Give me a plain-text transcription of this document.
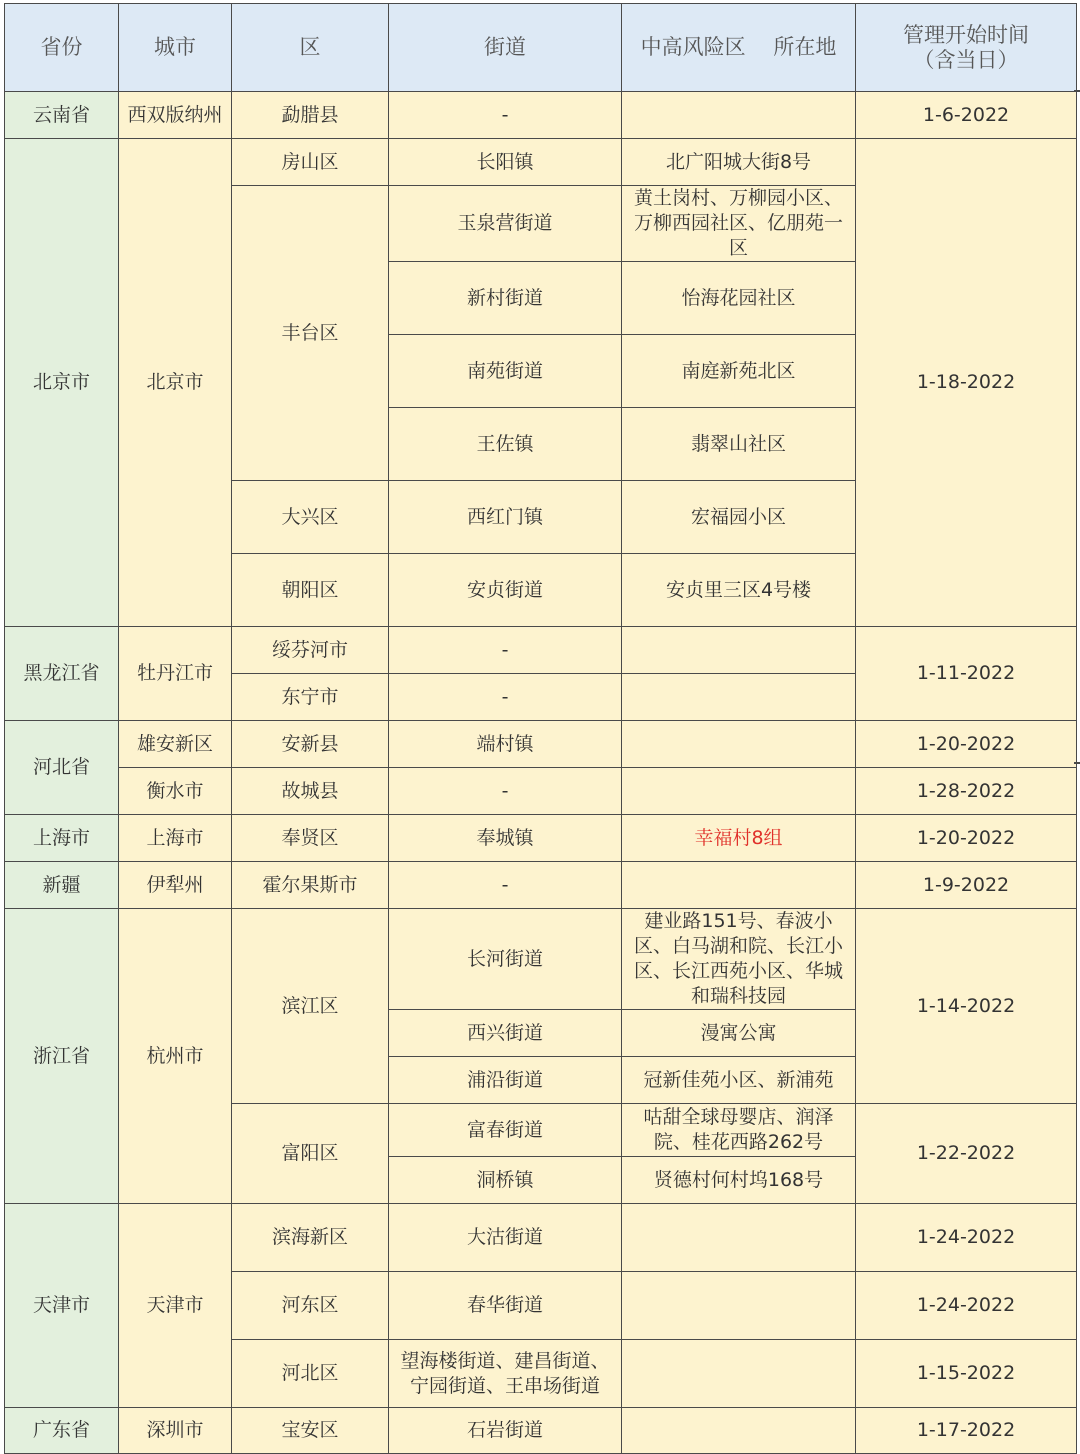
省份	城市	区	街道	中高风险区　 所在地	管理开始时间
（含当日）
云南省	西双版纳州	勐腊县	-		1-6-2022
北京市	北京市	房山区	长阳镇	北广阳城大街8号	1-18-2022
		丰台区	玉泉营街道	黄土岗村、万柳园小区、万柳西园社区、亿朋苑一区	
			新村街道	怡海花园社区	
			南苑街道	南庭新苑北区	
			王佐镇	翡翠山社区	
		大兴区	西红门镇	宏福园小区	
		朝阳区	安贞街道	安贞里三区4号楼	
黑龙江省	牡丹江市	绥芬河市	-		1-11-2022
		东宁市	-		
河北省	雄安新区	安新县	端村镇		1-20-2022
	衡水市	故城县	-		1-28-2022
上海市	上海市	奉贤区	奉城镇	幸福村8组	1-20-2022
新疆	伊犁州	霍尔果斯市	-		1-9-2022
浙江省	杭州市	滨江区	长河街道	建业路151号、春波小区、白马湖和院、长江小区、长江西苑小区、华城和瑞科技园	1-14-2022
			西兴街道	漫寓公寓	
			浦沿街道	冠新佳苑小区、新浦苑	
		富阳区	富春街道	咕甜全球母婴店、润泽院、桂花西路262号	1-22-2022
			洞桥镇	贤德村何村坞168号	
天津市	天津市	滨海新区	大沽街道		1-24-2022
		河东区	春华街道		1-24-2022
		河北区	望海楼街道、建昌街道、宁园街道、王串场街道		1-15-2022
广东省	深圳市	宝安区	石岩街道		1-17-2022
